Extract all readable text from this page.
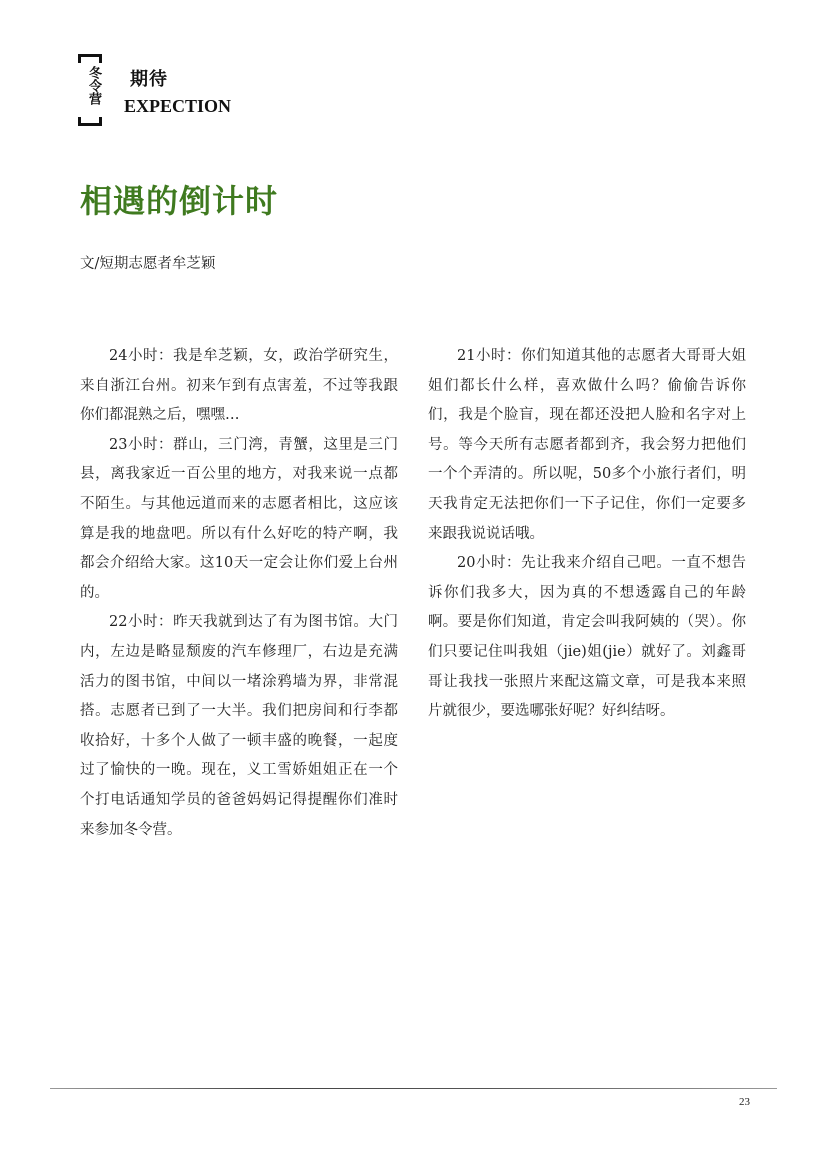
冬令营 期待
EXPECTION
相遇的倒计时
文/短期志愿者牟芝颖

24小时：我是牟芝颖，女，政治学研究生，来自浙江台州。初来乍到有点害羞，不过等我跟你们都混熟之后，嘿嘿…

23小时：群山，三门湾，青蟹，这里是三门县，离我家近一百公里的地方，对我来说一点都不陌生。与其他远道而来的志愿者相比，这应该算是我的地盘吧。所以有什么好吃的特产啊，我都会介绍给大家。这10天一定会让你们爱上台州的。

22小时：昨天我就到达了有为图书馆。大门内，左边是略显颓废的汽车修理厂，右边是充满活力的图书馆，中间以一堵涂鸦墙为界，非常混搭。志愿者已到了一大半。我们把房间和行李都收拾好，十多个人做了一顿丰盛的晚餐，一起度过了愉快的一晚。现在，义工雪娇姐姐正在一个个打电话通知学员的爸爸妈妈记得提醒你们准时来参加冬令营。

21小时：你们知道其他的志愿者大哥哥大姐姐们都长什么样，喜欢做什么吗？偷偷告诉你们，我是个脸盲，现在都还没把人脸和名字对上号。等今天所有志愿者都到齐，我会努力把他们一个个弄清的。所以呢，50多个小旅行者们，明天我肯定无法把你们一下子记住，你们一定要多来跟我说说话哦。

20小时：先让我来介绍自己吧。一直不想告诉你们我多大，因为真的不想透露自己的年龄啊。要是你们知道，肯定会叫我阿姨的（哭）。你们只要记住叫我姐（jie)姐(jie）就好了。刘鑫哥哥让我找一张照片来配这篇文章，可是我本来照片就很少，要选哪张好呢？好纠结呀。

23
